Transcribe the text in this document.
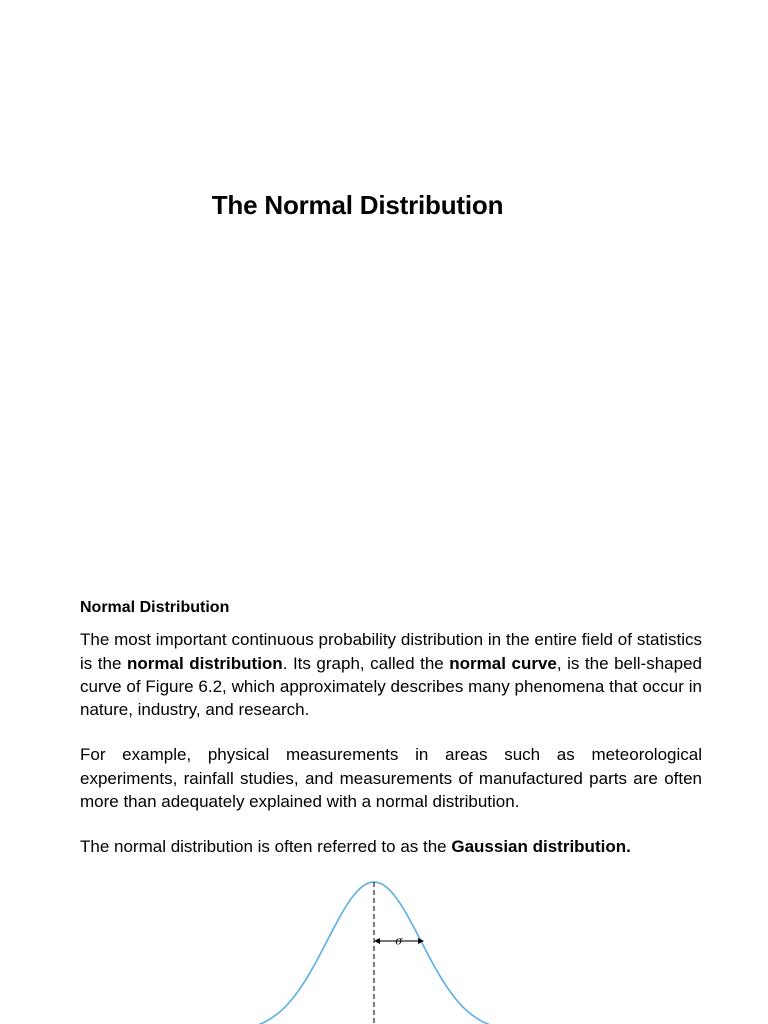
The Normal Distribution
Normal Distribution

The most important continuous probability distribution in the entire field of statistics is the normal distribution. Its graph, called the normal curve, is the bell-shaped curve of Figure 6.2, which approximately describes many phenomena that occur in nature, industry, and research.

For example, physical measurements in areas such as meteorological experiments, rainfall studies, and measurements of manufactured parts are often more than adequately explained with a normal distribution.

The normal distribution is often referred to as the Gaussian distribution.

σ
